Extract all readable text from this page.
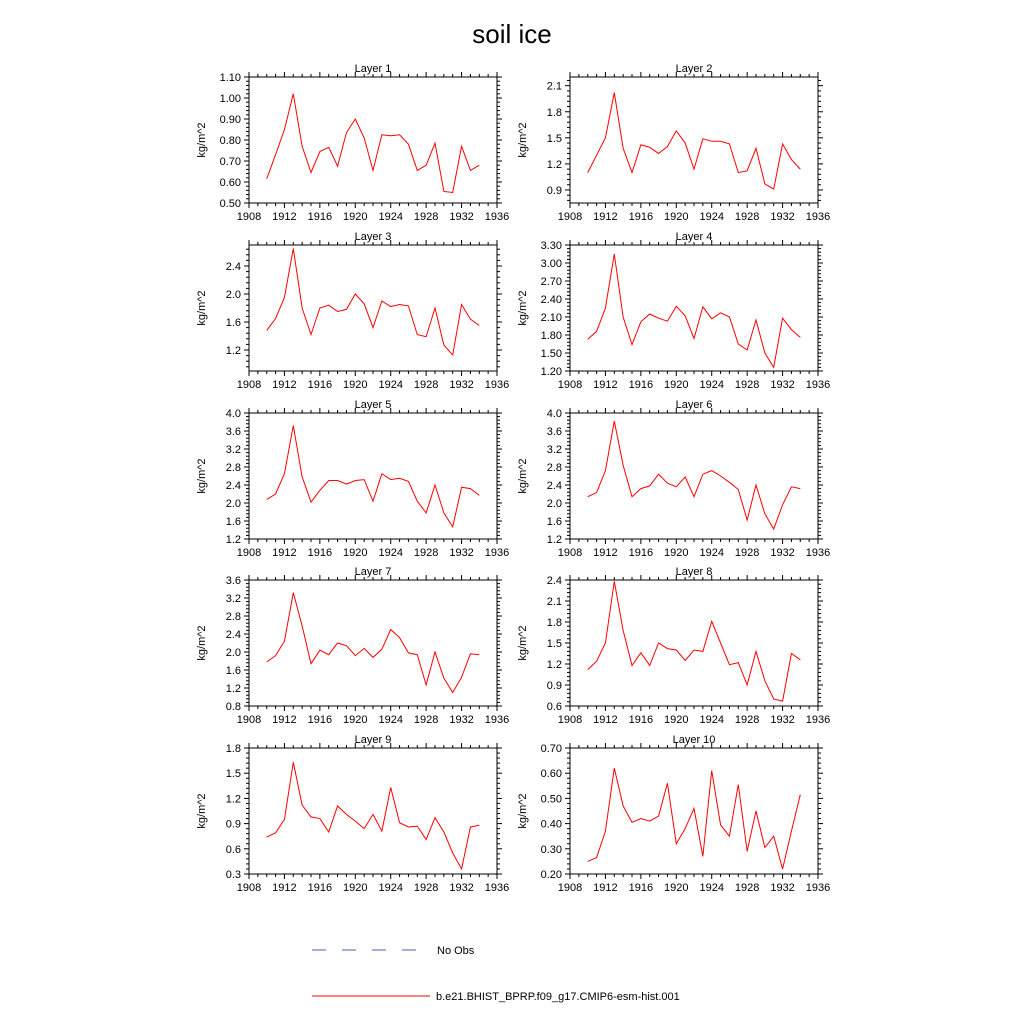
soil ice
Layer 1
1908 1912 1916 1920 1924 1928 1932 1936
0.50
0.60
0.70
0.80
0.90
1.00
1.10
kg/m^2
Layer 2
1908 1912 1916 1920 1924 1928 1932 1936
0.9
1.2
1.5
1.8
2.1
kg/m^2
Layer 3
1908 1912 1916 1920 1924 1928 1932 1936
1.2
1.6
2.0
2.4
kg/m^2
Layer 4
1908 1912 1916 1920 1924 1928 1932 1936
1.20
1.50
1.80
2.10
2.40
2.70
3.00
3.30
kg/m^2
Layer 5
1908 1912 1916 1920 1924 1928 1932 1936
1.2
1.6
2.0
2.4
2.8
3.2
3.6
4.0
kg/m^2
Layer 6
1908 1912 1916 1920 1924 1928 1932 1936
1.2
1.6
2.0
2.4
2.8
3.2
3.6
4.0
kg/m^2
Layer 7
1908 1912 1916 1920 1924 1928 1932 1936
0.8
1.2
1.6
2.0
2.4
2.8
3.2
3.6
kg/m^2
Layer 8
1908 1912 1916 1920 1924 1928 1932 1936
0.6
0.9
1.2
1.5
1.8
2.1
2.4
kg/m^2
Layer 9
1908 1912 1916 1920 1924 1928 1932 1936
0.3
0.6
0.9
1.2
1.5
1.8
kg/m^2
Layer 10
1908 1912 1916 1920 1924 1928 1932 1936
0.20
0.30
0.40
0.50
0.60
0.70
kg/m^2
No Obs
b.e21.BHIST_BPRP.f09_g17.CMIP6-esm-hist.001
